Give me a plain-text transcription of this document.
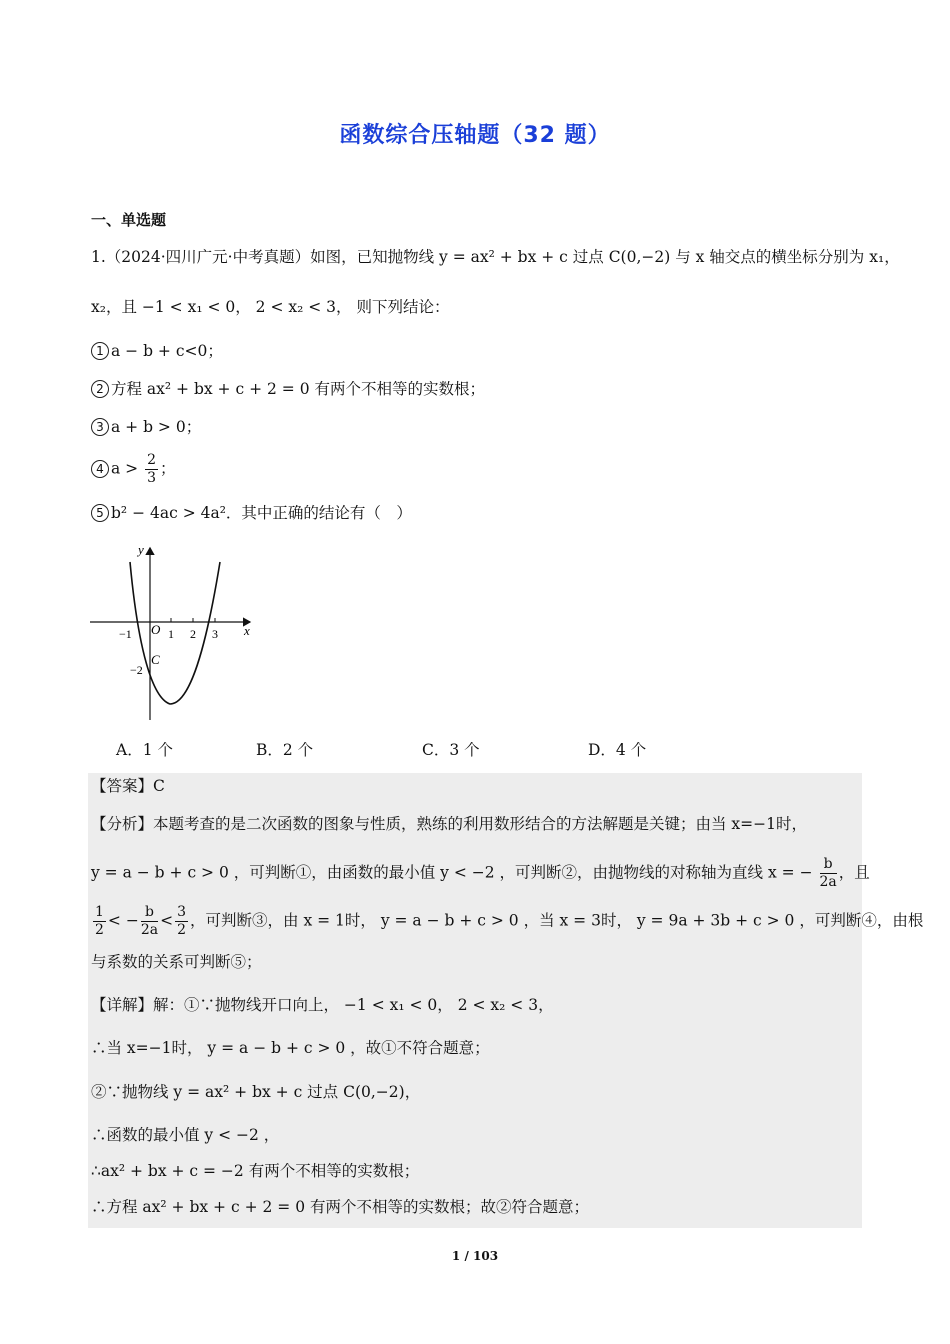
函数综合压轴题（32 题）
一、单选题
1.（2024·四川广元·中考真题）如图，已知抛物线 y = ax² + bx + c 过点 C(0,−2) 与 x 轴交点的横坐标分别为 x₁，
x₂，且 −1 < x₁ < 0， 2 < x₂ < 3， 则下列结论：
1 a − b + c<0；
2 方程 ax² + bx + c + 2 = 0 有两个不相等的实数根；
3 a + b > 0；
4 $a > \frac{2}{3}$ ；
5 b² − 4ac > 4a²．其中正确的结论有（　）
y
x
O
−1	1 2 3
C
−2
A．1 个	B．2 个	C．3 个	D．4 个
【答案】C
【分析】本题考查的是二次函数的图象与性质，熟练的利用数形结合的方法解题是关键；由当 x=−1时，
y = a − b + c > 0 ，可判断①，由函数的最小值 y < −2 ，可判断②，由抛物线的对称轴为直线 x = − $\frac{b}{2a}$ ，且
$\frac{1}{2}$ < − $\frac{b}{2a} < \frac{3}{2}$ ，可判断③，由 x = 1时， y = a − b + c > 0 ，当 x = 3时， y = 9a + 3b + c > 0 ，可判断④，由根
与系数的关系可判断⑤；
【详解】解：①∵抛物线开口向上， −1 < x₁ < 0， 2 < x₂ < 3，
∴当 x=−1时， y = a − b + c > 0 ，故①不符合题意；
②∵抛物线 y = ax² + bx + c 过点 C(0,−2)，
∴函数的最小值 y < −2 ，
∴ax² + bx + c = −2 有两个不相等的实数根；
∴方程 ax² + bx + c + 2 = 0 有两个不相等的实数根；故②符合题意；
1 / 103
